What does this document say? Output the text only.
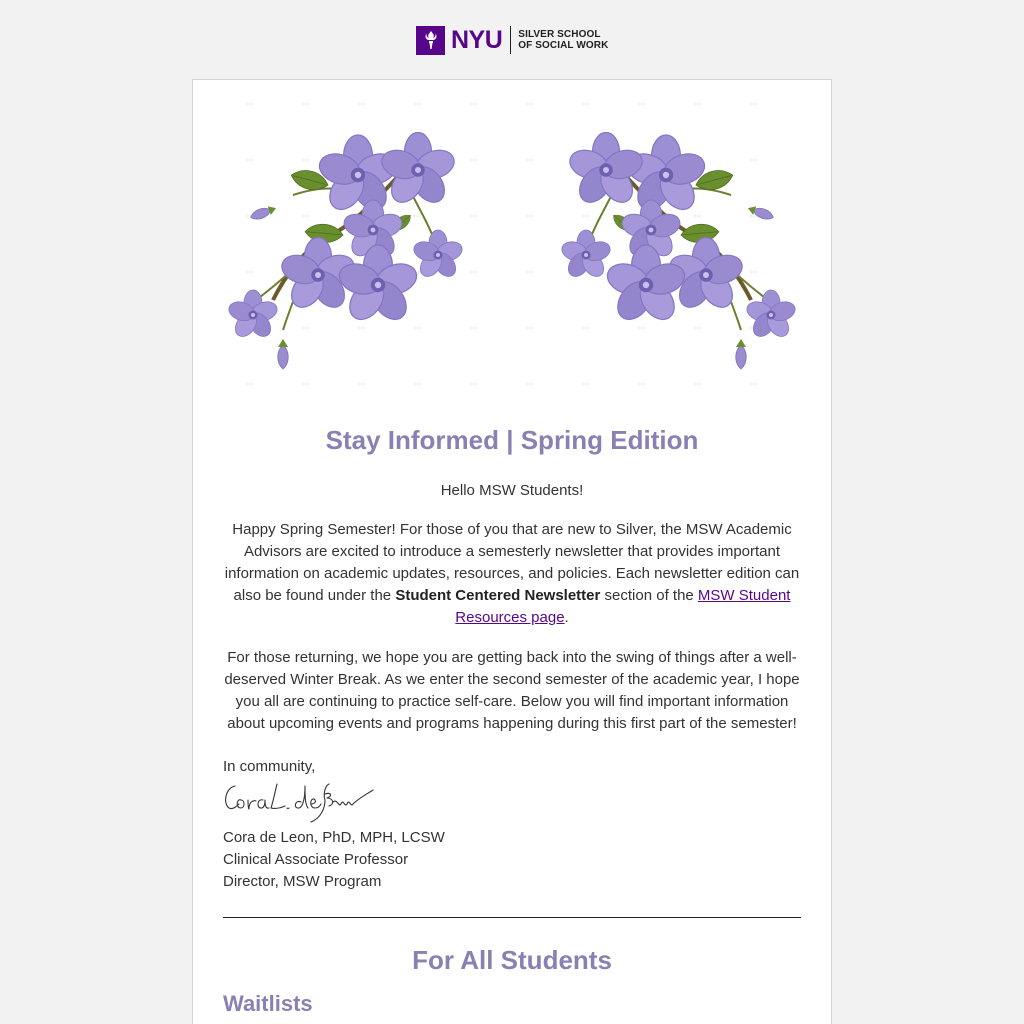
NYU SILVER SCHOOL
OF SOCIAL WORK
Stay Informed | Spring Edition

Hello MSW Students!

Happy Spring Semester! For those of you that are new to Silver, the MSW Academic Advisors are excited to introduce a semesterly newsletter that provides important information on academic updates, resources, and policies. Each newsletter edition can also be found under the Student Centered Newsletter section of the MSW Student Resources page.

For those returning, we hope you are getting back into the swing of things after a well-deserved Winter Break. As we enter the second semester of the academic year, I hope you all are continuing to practice self-care. Below you will find important information about upcoming events and programs happening during this first part of the semester!

In community,
Cora de Leon, PhD, MPH, LCSW
Clinical Associate Professor
Director, MSW Program
For All Students
Waitlists
